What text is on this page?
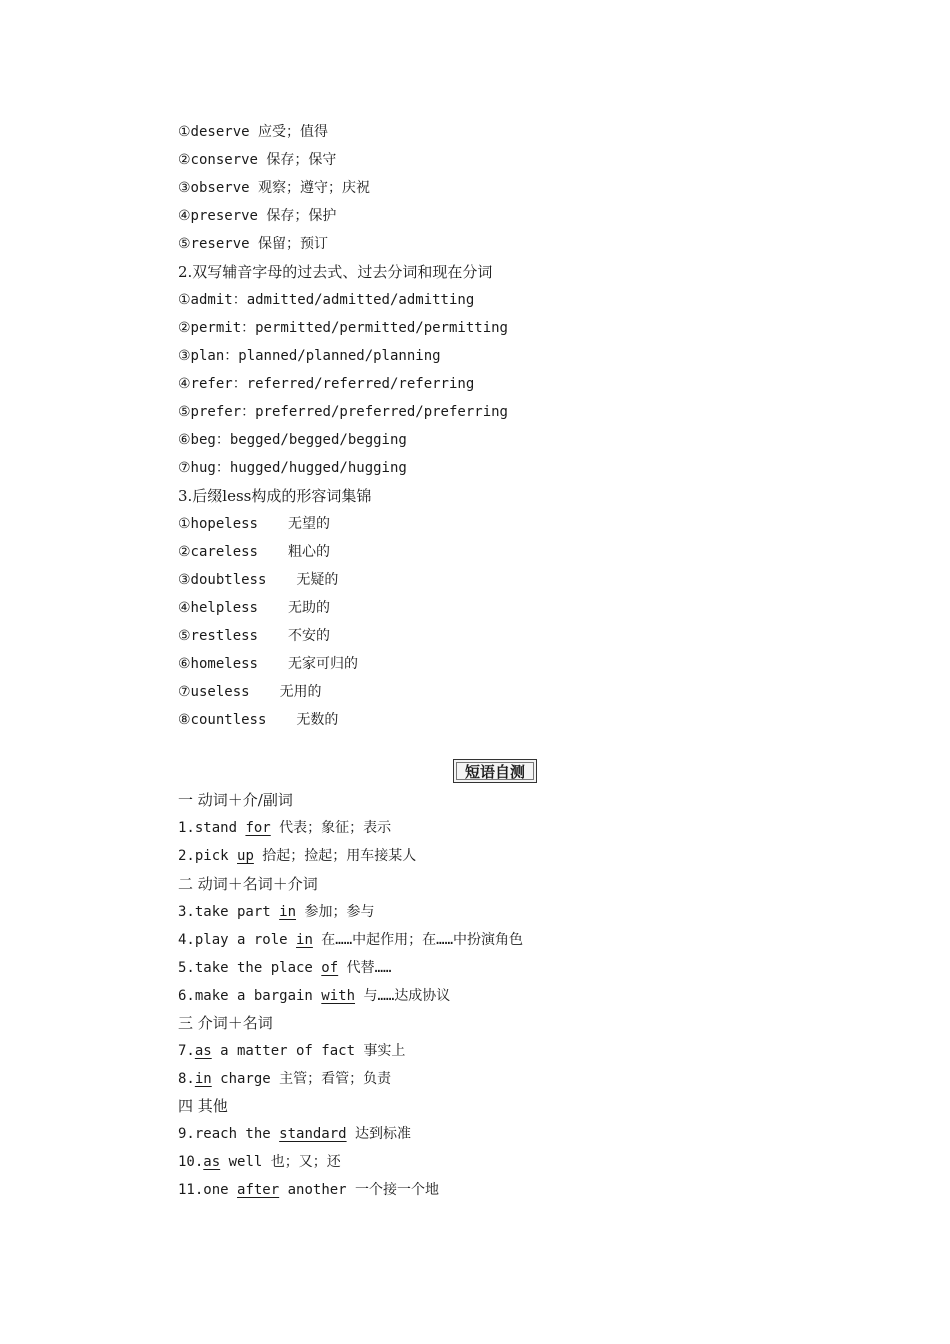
①deserve 应受；值得
②conserve 保存；保守
③observe 观察；遵守；庆祝
④preserve 保存；保护
⑤reserve 保留；预订
2.双写辅音字母的过去式、过去分词和现在分词
①admit：admitted/admitted/admitting
②permit：permitted/permitted/permitting
③plan：planned/planned/planning
④refer：referred/referred/referring
⑤prefer：preferred/preferred/preferring
⑥beg：begged/begged/begging
⑦hug：hugged/hugged/hugging
3.后缀less构成的形容词集锦
①hopeless 无望的
②careless 粗心的
③doubtless 无疑的
④helpless 无助的
⑤restless 不安的
⑥homeless 无家可归的
⑦useless 无用的
⑧countless 无数的
短语自测
一 动词＋介/副词
1.stand for 代表；象征；表示
2.pick up 拾起；捡起；用车接某人
二 动词＋名词＋介词
3.take part in 参加；参与
4.play a role in 在……中起作用；在……中扮演角色
5.take the place of 代替……
6.make a bargain with 与……达成协议
三 介词＋名词
7.as a matter of fact 事实上
8.in charge 主管；看管；负责
四 其他
9.reach the standard 达到标准
10.as well 也；又；还
11.one after another 一个接一个地
